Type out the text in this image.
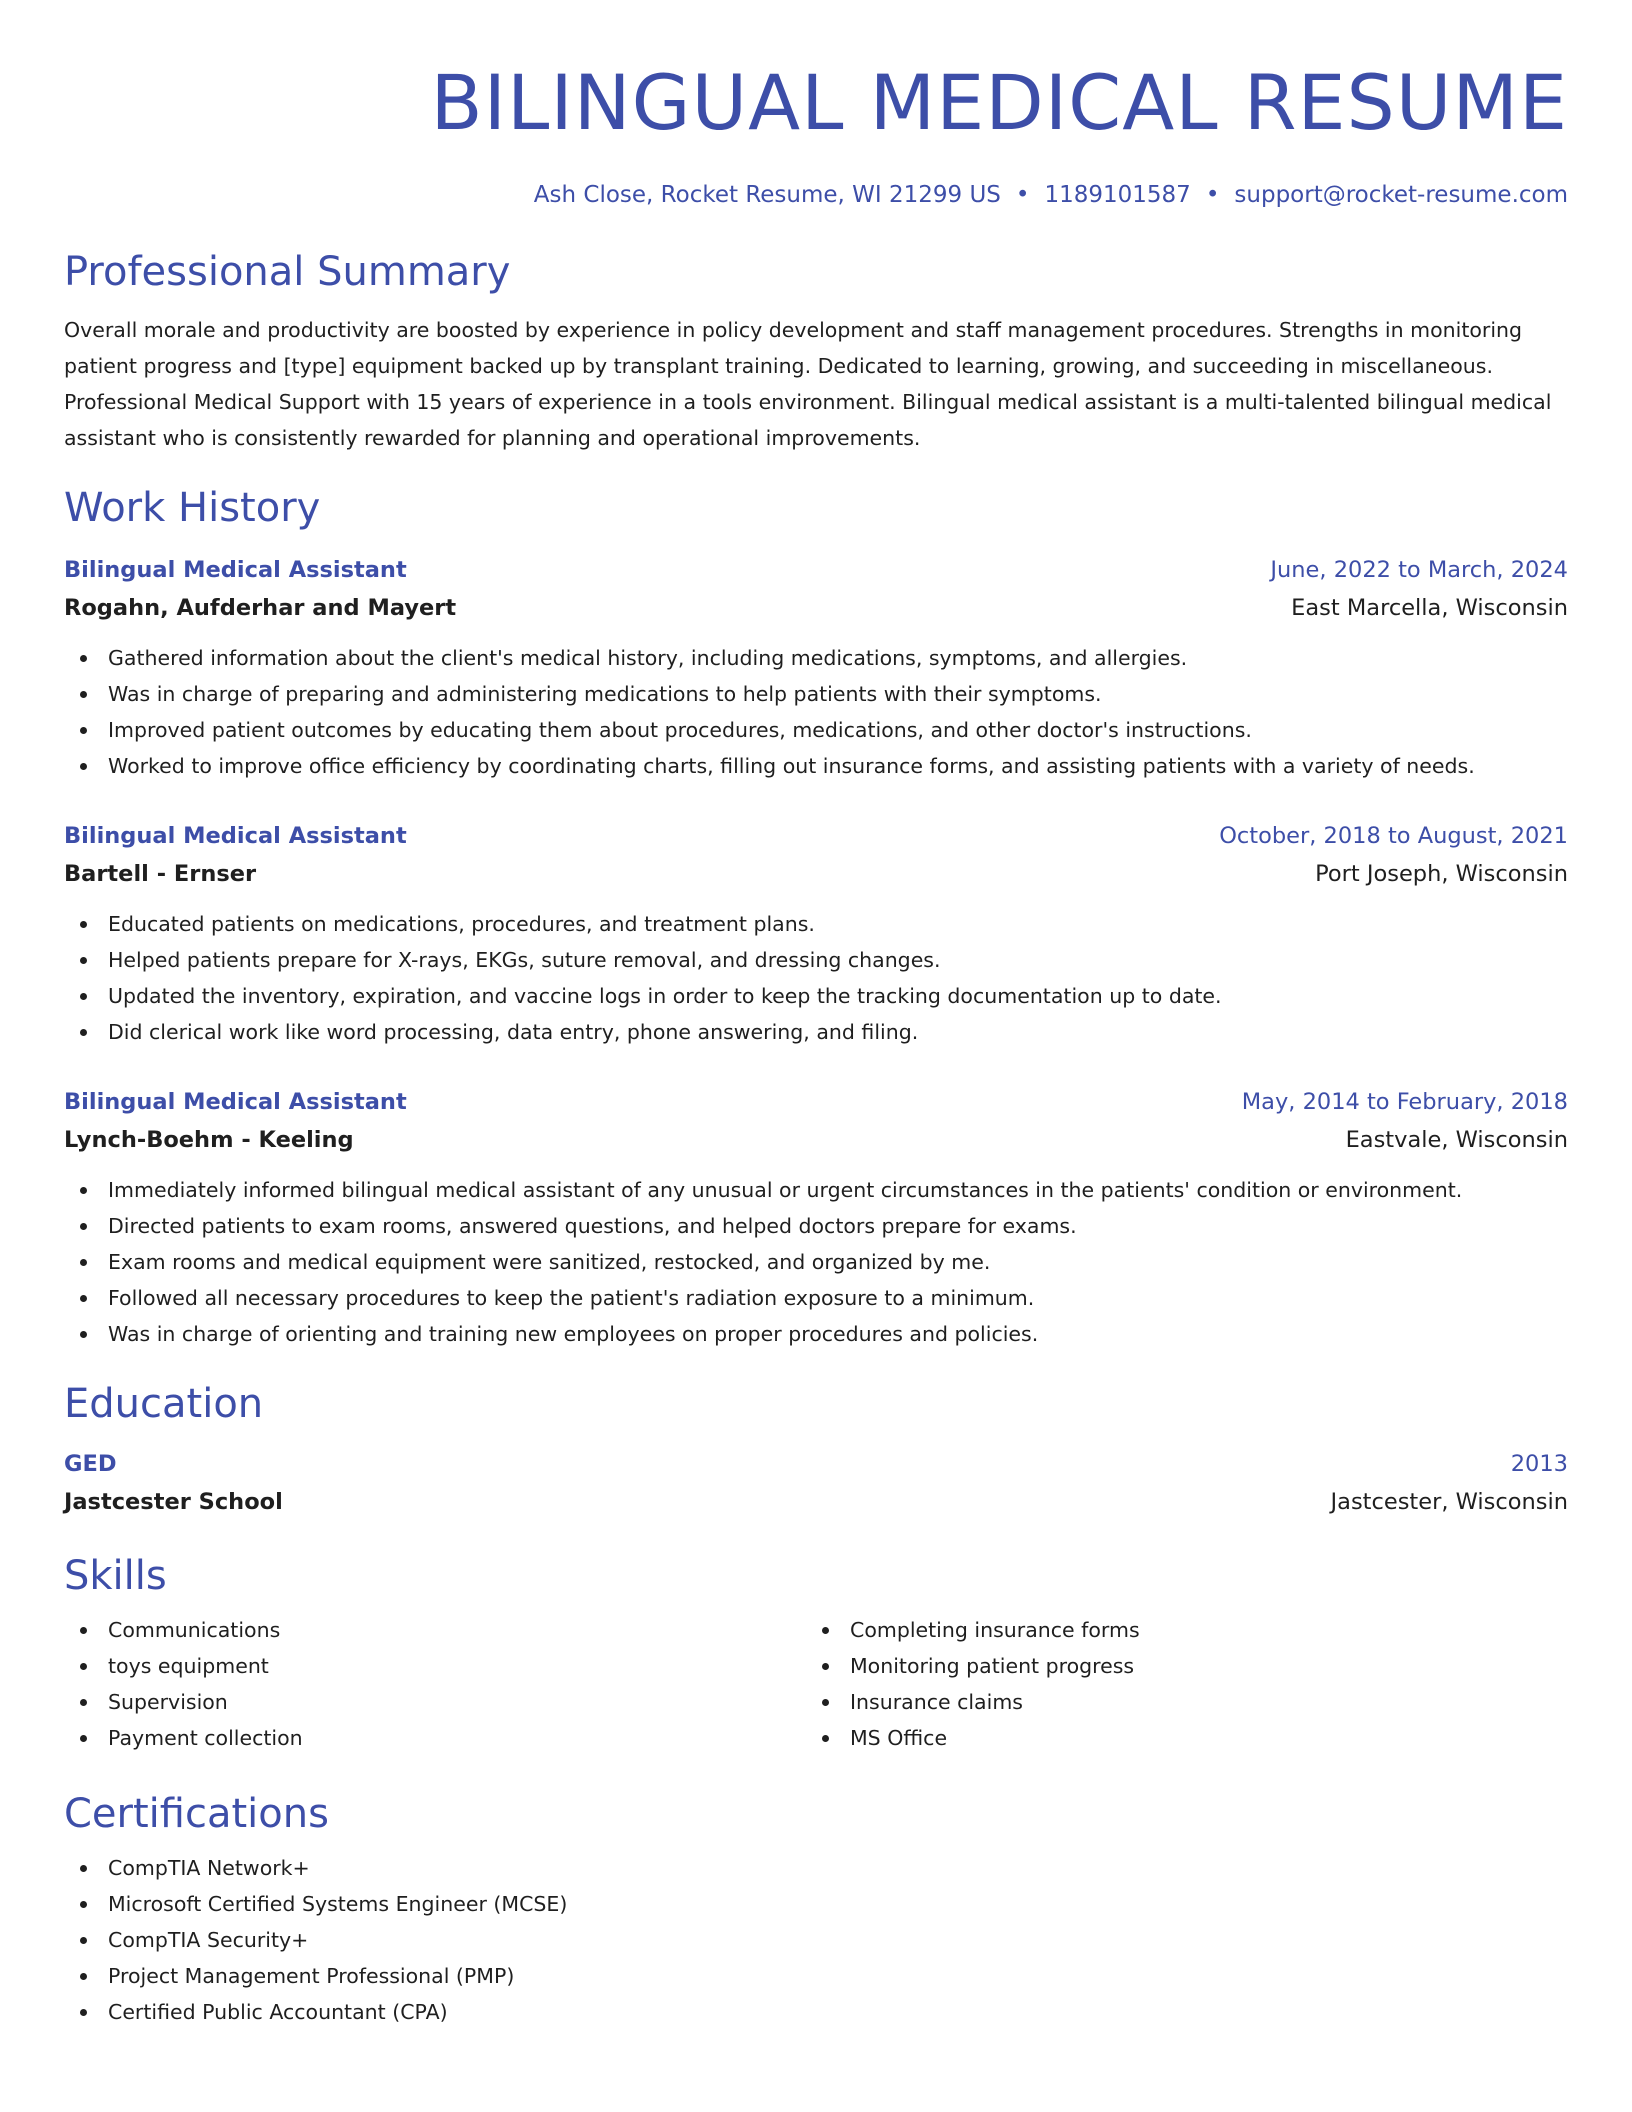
BILINGUAL MEDICAL RESUME
Ash Close, Rocket Resume, WI 21299 US • 1189101587 • support@rocket-resume.com
Professional Summary
Overall morale and productivity are boosted by experience in policy development and staff management procedures. Strengths in monitoring patient progress and [type] equipment backed up by transplant training. Dedicated to learning, growing, and succeeding in miscellaneous. Professional Medical Support with 15 years of experience in a tools environment. Bilingual medical assistant is a multi-talented bilingual medical assistant who is consistently rewarded for planning and operational improvements.
Work History
Bilingual Medical Assistant	June, 2022 to March, 2024
Rogahn, Aufderhar and Mayert	East Marcella, Wisconsin
Gathered information about the client's medical history, including medications, symptoms, and allergies.
Was in charge of preparing and administering medications to help patients with their symptoms.
Improved patient outcomes by educating them about procedures, medications, and other doctor's instructions.
Worked to improve office efficiency by coordinating charts, filling out insurance forms, and assisting patients with a variety of needs.
Bilingual Medical Assistant	October, 2018 to August, 2021
Bartell - Ernser	Port Joseph, Wisconsin
Educated patients on medications, procedures, and treatment plans.
Helped patients prepare for X-rays, EKGs, suture removal, and dressing changes.
Updated the inventory, expiration, and vaccine logs in order to keep the tracking documentation up to date.
Did clerical work like word processing, data entry, phone answering, and filing.
Bilingual Medical Assistant	May, 2014 to February, 2018
Lynch-Boehm - Keeling	Eastvale, Wisconsin
Immediately informed bilingual medical assistant of any unusual or urgent circumstances in the patients' condition or environment.
Directed patients to exam rooms, answered questions, and helped doctors prepare for exams.
Exam rooms and medical equipment were sanitized, restocked, and organized by me.
Followed all necessary procedures to keep the patient's radiation exposure to a minimum.
Was in charge of orienting and training new employees on proper procedures and policies.
Education
GED	2013
Jastcester School	Jastcester, Wisconsin
Skills
Communications
toys equipment
Supervision
Payment collection
Completing insurance forms
Monitoring patient progress
Insurance claims
MS Office
Certifications
CompTIA Network+
Microsoft Certified Systems Engineer (MCSE)
CompTIA Security+
Project Management Professional (PMP)
Certified Public Accountant (CPA)
